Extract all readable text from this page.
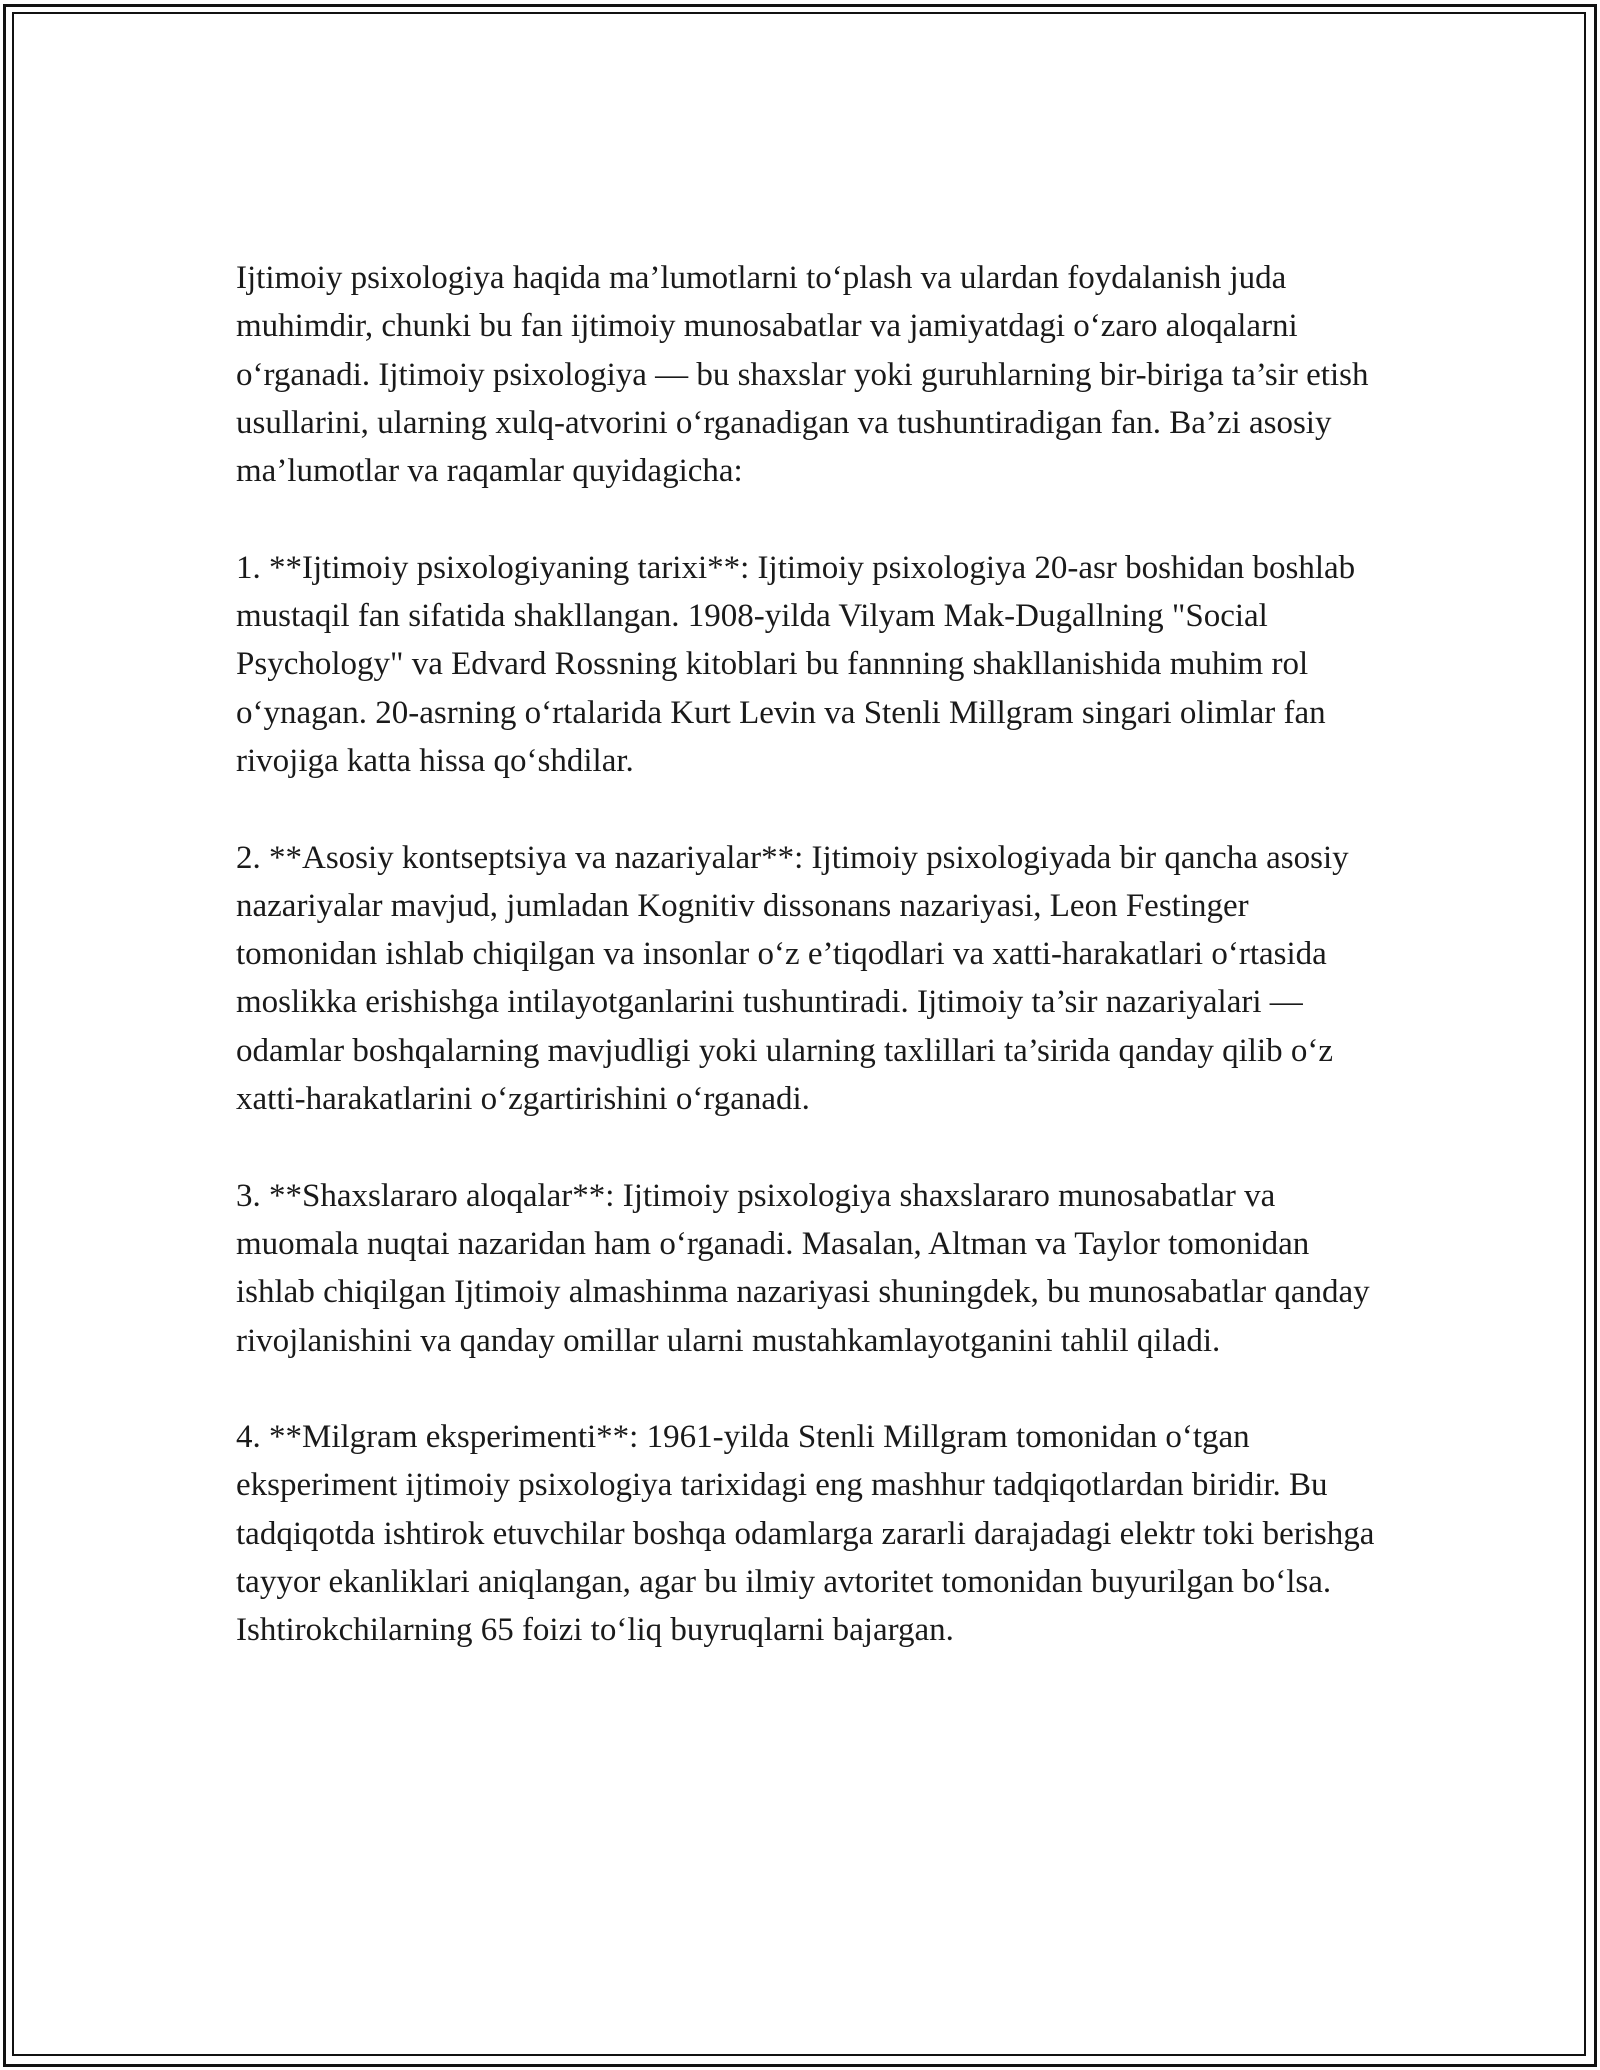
Ijtimoiy psixologiya haqida ma’lumotlarni to‘plash va ulardan foydalanish juda muhimdir, chunki bu fan ijtimoiy munosabatlar va jamiyatdagi o‘zaro aloqalarni o‘rganadi. Ijtimoiy psixologiya — bu shaxslar yoki guruhlarning bir-biriga ta’sir etish usullarini, ularning xulq-atvorini o‘rganadigan va tushuntiradigan fan. Ba’zi asosiy ma’lumotlar va raqamlar quyidagicha:

1. **Ijtimoiy psixologiyaning tarixi**: Ijtimoiy psixologiya 20-asr boshidan boshlab mustaqil fan sifatida shakllangan. 1908-yilda Vilyam Mak-Dugallning "Social Psychology" va Edvard Rossning kitoblari bu fannning shakllanishida muhim rol o‘ynagan. 20-asrning o‘rtalarida Kurt Levin va Stenli Millgram singari olimlar fan rivojiga katta hissa qo‘shdilar.

2. **Asosiy kontseptsiya va nazariyalar**: Ijtimoiy psixologiyada bir qancha asosiy nazariyalar mavjud, jumladan Kognitiv dissonans nazariyasi, Leon Festinger tomonidan ishlab chiqilgan va insonlar o‘z e’tiqodlari va xatti-harakatlari o‘rtasida moslikka erishishga intilayotganlarini tushuntiradi. Ijtimoiy ta’sir nazariyalari — odamlar boshqalarning mavjudligi yoki ularning taxlillari ta’sirida qanday qilib o‘z xatti-harakatlarini o‘zgartirishini o‘rganadi.

3. **Shaxslararo aloqalar**: Ijtimoiy psixologiya shaxslararo munosabatlar va muomala nuqtai nazaridan ham o‘rganadi. Masalan, Altman va Taylor tomonidan ishlab chiqilgan Ijtimoiy almashinma nazariyasi shuningdek, bu munosabatlar qanday rivojlanishini va qanday omillar ularni mustahkamlayotganini tahlil qiladi.

4. **Milgram eksperimenti**: 1961-yilda Stenli Millgram tomonidan o‘tgan eksperiment ijtimoiy psixologiya tarixidagi eng mashhur tadqiqotlardan biridir. Bu tadqiqotda ishtirok etuvchilar boshqa odamlarga zararli darajadagi elektr toki berishga tayyor ekanliklari aniqlangan, agar bu ilmiy avtoritet tomonidan buyurilgan bo‘lsa. Ishtirokchilarning 65 foizi to‘liq buyruqlarni bajargan.
